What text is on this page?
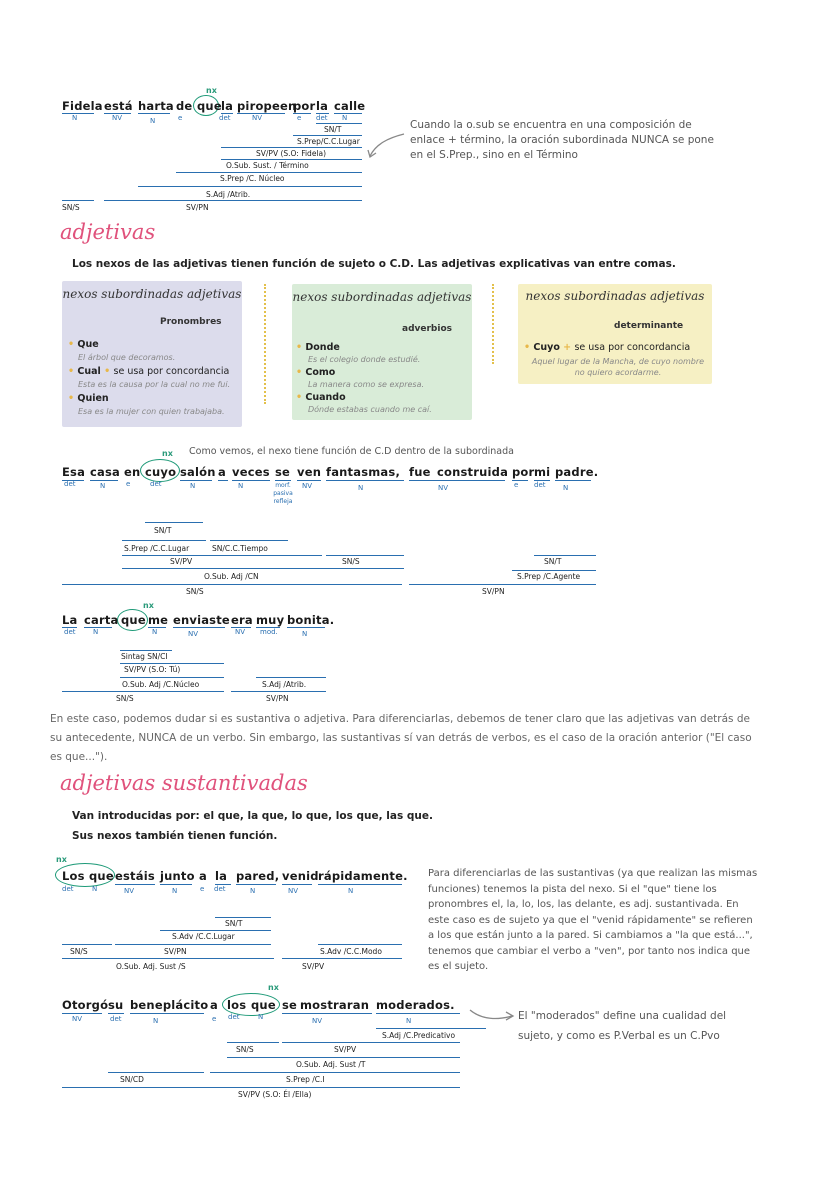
nx
Fidela está harta de que la piropeen
por la calle
N	NV	N	e	det	NV	e det N
SN/T
S.Prep/C.C.Lugar
SV/PV (S.O: Fidela)
O.Sub. Sust. / Término
S.Prep /C. Núcleo
S.Adj /Atrib.
SN/S	SV/PN
Cuando la o.sub se encuentra en una composición de enlace + término, la oración subordinada NUNCA se pone en el S.Prep., sino en el Término
adjetivas
Los nexos de las adjetivas tienen función de sujeto o C.D. Las adjetivas explicativas van entre comas.
nexos subordinadas adjetivas
Pronombres
• Que
El árbol que decoramos.
• Cual • se usa por concordancia
Esta es la causa por la cual no me fui.
• Quien
Esa es la mujer con quien trabajaba.
nexos subordinadas adjetivas
adverbios
• Donde
Es el colegio donde estudié.
• Como
La manera como se expresa.
• Cuando
Dónde estabas cuando me caí.
nexos subordinadas adjetivas
determinante
• Cuyo + se usa por concordancia
Aquel lugar de la Mancha, de cuyo nombre no quiero acordarme.
nx Como vemos, el nexo tiene función de C.D dentro de la subordinada
Esa casa en cuyo salón a veces se ven fantasmas, fue construida por mi padre.
det	N	e	det	N	N	morf. pasiva refleja
NV	N	NV	e det	N
SN/T
S.Prep /C.C.Lugar	SN/C.C.Tiempo
SV/PV	SN/S	SN/T
O.Sub. Adj /CN	S.Prep /C.Agente
SN/S	SV/PN
nx
La carta que me enviaste era muy bonita.
det	N	N	NV	NV mod.	N
Sintag SN/CI
SV/PV (S.O: Tú)
O.Sub. Adj /C.Núcleo	S.Adj /Atrib.
SN/S	SV/PN
En este caso, podemos dudar si es sustantiva o adjetiva. Para diferenciarlas, debemos de tener claro que las adjetivas van detrás de su antecedente, NUNCA de un verbo. Sin embargo, las sustantivas sí van detrás de verbos, es el caso de la oración anterior ("El caso es que...").
adjetivas sustantivadas
Van introducidas por: el que, la que, lo que, los que, las que.
Sus nexos también tienen función.
nx
Los que estáis junto a la pared, venid rápidamente.
det	N	NV	N	e det	N	NV	N
SN/T
S.Adv /C.C.Lugar
SN/S	SV/PN	S.Adv /C.C.Modo
O.Sub. Adj. Sust /S	SV/PV
Para diferenciarlas de las sustantivas (ya que realizan las mismas funciones) tenemos la pista del nexo. Si el "que" tiene los pronombres el, la, lo, los, las delante, es adj. sustantivada. En este caso es de sujeto ya que el "venid rápidamente" se refieren a los que están junto a la pared. Si cambiamos a "la que está...", tenemos que cambiar el verbo a "ven", por tanto nos indica que es el sujeto.
nx
Otorgó su beneplácito a los que se mostraran moderados.
NV	det	N	e det	N	NV	N
S.Adj /C.Predicativo
SN/S	SV/PV
O.Sub. Adj. Sust /T
SN/CD	S.Prep /C.I
SV/PV (S.O: Él /Ella)
El "moderados" define una cualidad del sujeto, y como es P.Verbal es un C.Pvo
